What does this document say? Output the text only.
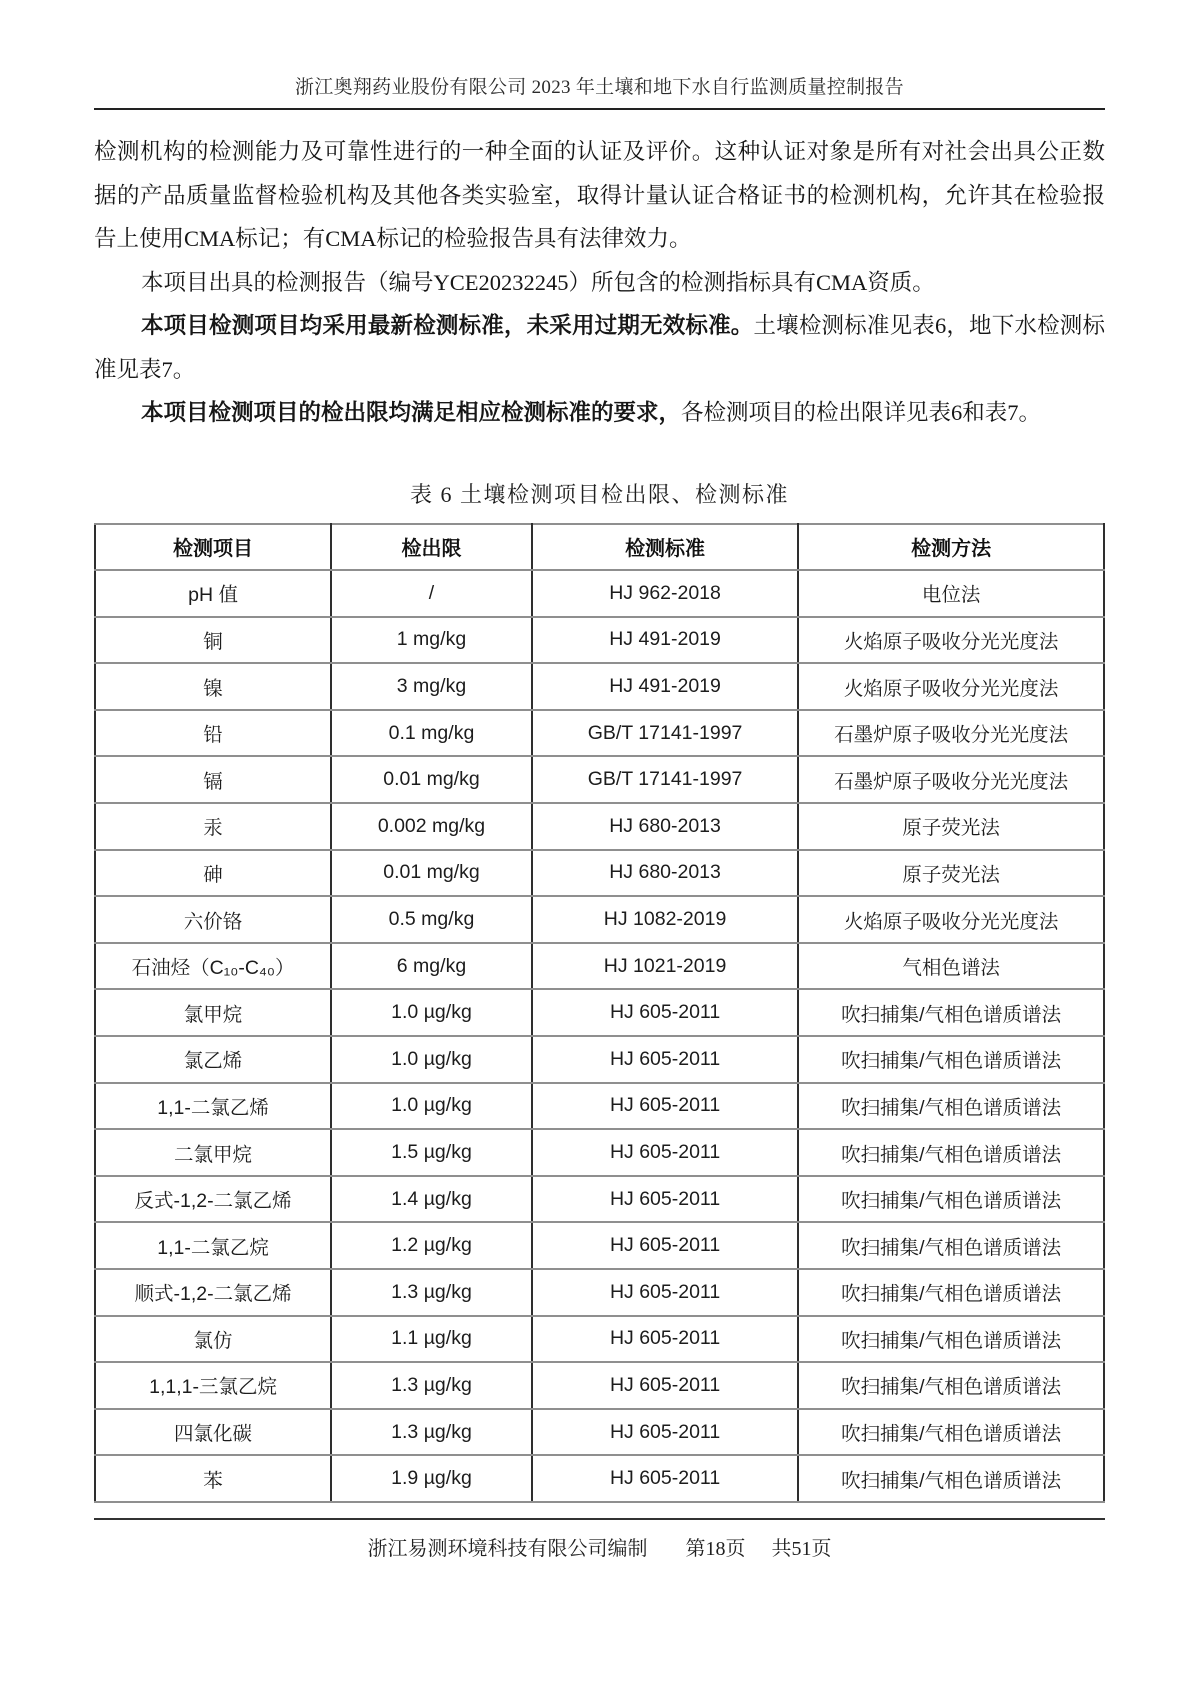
浙江奥翔药业股份有限公司 2023 年土壤和地下水自行监测质量控制报告

检测机构的检测能力及可靠性进行的一种全面的认证及评价。这种认证对象是所有对社会出具公正数据的产品质量监督检验机构及其他各类实验室，取得计量认证合格证书的检测机构，允许其在检验报告上使用CMA标记；有CMA标记的检验报告具有法律效力。

本项目出具的检测报告（编号YCE20232245）所包含的检测指标具有CMA资质。

本项目检测项目均采用最新检测标准，未采用过期无效标准。土壤检测标准见表6，地下水检测标准见表7。

本项目检测项目的检出限均满足相应检测标准的要求，各检测项目的检出限详见表6和表7。

表 6 土壤检测项目检出限、检测标准
检测项目	检出限	检测标准	检测方法
pH 值	/	HJ 962-2018	电位法
铜	1 mg/kg	HJ 491-2019	火焰原子吸收分光光度法
镍	3 mg/kg	HJ 491-2019	火焰原子吸收分光光度法
铅	0.1 mg/kg	GB/T 17141-1997	石墨炉原子吸收分光光度法
镉	0.01 mg/kg	GB/T 17141-1997	石墨炉原子吸收分光光度法
汞	0.002 mg/kg	HJ 680-2013	原子荧光法
砷	0.01 mg/kg	HJ 680-2013	原子荧光法
六价铬	0.5 mg/kg	HJ 1082-2019	火焰原子吸收分光光度法
石油烃（C₁₀-C₄₀）	6 mg/kg	HJ 1021-2019	气相色谱法
氯甲烷	1.0 µg/kg	HJ 605-2011	吹扫捕集/气相色谱质谱法
氯乙烯	1.0 µg/kg	HJ 605-2011	吹扫捕集/气相色谱质谱法
1,1-二氯乙烯	1.0 µg/kg	HJ 605-2011	吹扫捕集/气相色谱质谱法
二氯甲烷	1.5 µg/kg	HJ 605-2011	吹扫捕集/气相色谱质谱法
反式-1,2-二氯乙烯	1.4 µg/kg	HJ 605-2011	吹扫捕集/气相色谱质谱法
1,1-二氯乙烷	1.2 µg/kg	HJ 605-2011	吹扫捕集/气相色谱质谱法
顺式-1,2-二氯乙烯	1.3 µg/kg	HJ 605-2011	吹扫捕集/气相色谱质谱法
氯仿	1.1 µg/kg	HJ 605-2011	吹扫捕集/气相色谱质谱法
1,1,1-三氯乙烷	1.3 µg/kg	HJ 605-2011	吹扫捕集/气相色谱质谱法
四氯化碳	1.3 µg/kg	HJ 605-2011	吹扫捕集/气相色谱质谱法
苯	1.9 µg/kg	HJ 605-2011	吹扫捕集/气相色谱质谱法
浙江易测环境科技有限公司编制 第18页 共51页
